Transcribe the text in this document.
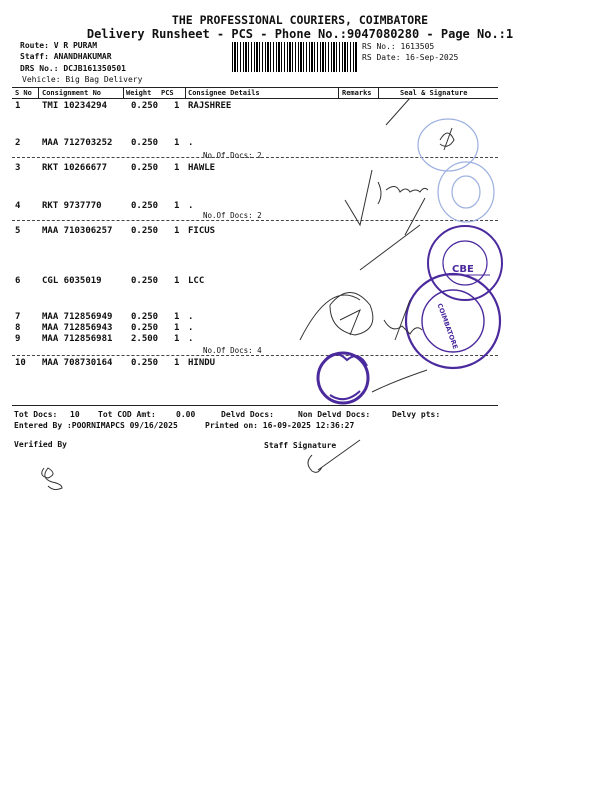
THE PROFESSIONAL COURIERS, COIMBATORE
Delivery Runsheet - PCS - Phone No.:9047080280 - Page No.:1
Route: V R PURAM
Staff: ANANDHAKUMAR
DRS No.: DCJB161350501
Vehicle: Big Bag Delivery
RS No.: 1613505
RS Date: 16-Sep-2025
S No Consignment No	Weight PCS Consignee Details	Remarks	Seal & Signature
1 TMI 10234294	0.250 1 RAJSHREE
2 MAA 712703252 0.250 1 .
No.Of Docs: 2
3 RKT 10266677	0.250 1 HAWLE
4 RKT 9737770	0.250 1 .
No.Of Docs: 2
5 MAA 710306257 0.250 1 FICUS
6 CGL 6035019	0.250 1 LCC
7 MAA 712856949 0.250 1 .
8 MAA 712856943 0.250 1 .
9 MAA 712856981 2.500 1 .
No.Of Docs: 4
10 MAA 708730164 0.250 1 HINDU
Tot Docs: 10 Tot COD Amt:	0.00	Delvd Docs:	Non Delvd Docs:	Delvy pts:
Entered By :POORNIMAPCS 09/16/2025	Printed on: 16-09-2025 12:36:27
Verified By	Staff Signature
CBE
COIMBATORE
